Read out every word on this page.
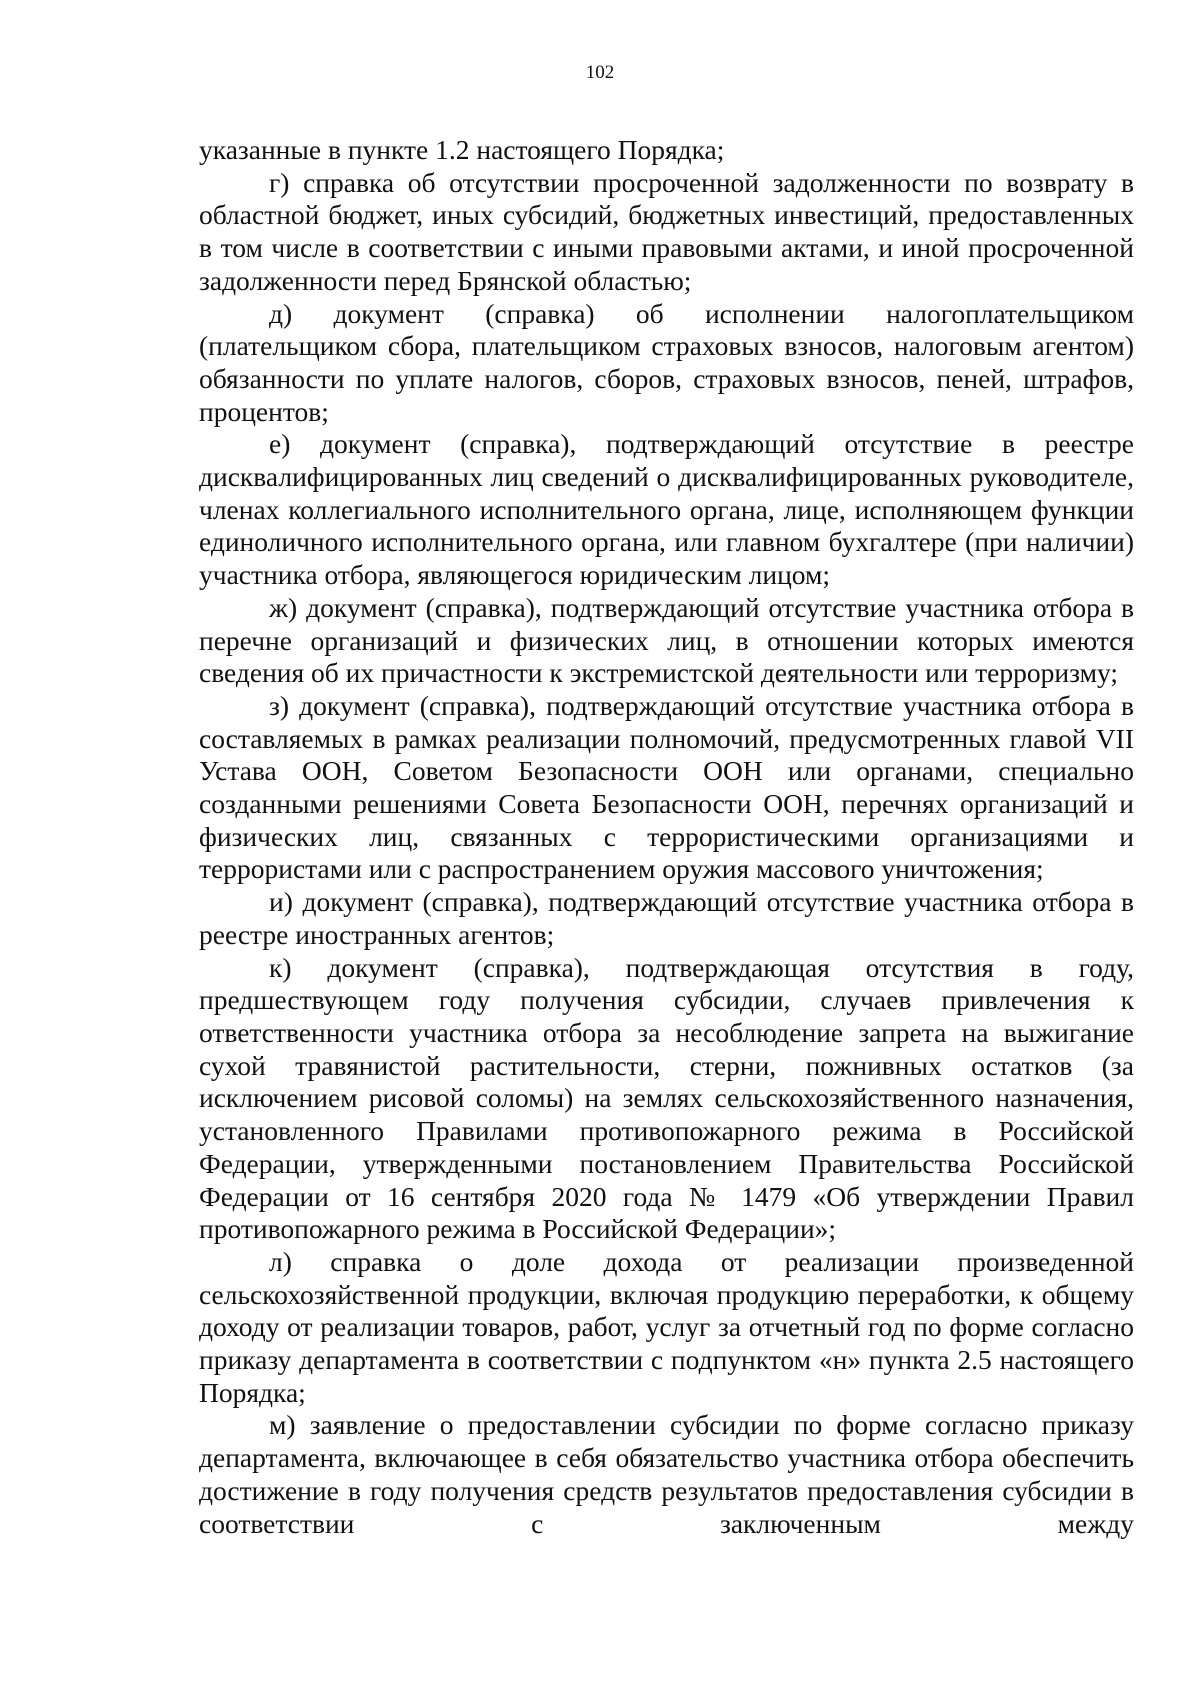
102

указанные в пункте 1.2 настоящего Порядка;

г) справка об отсутствии просроченной задолженности по возврату в областной бюджет, иных субсидий, бюджетных инвестиций, предоставленных в том числе в соответствии с иными правовыми актами, и иной просроченной задолженности перед Брянской областью;

д) документ (справка) об исполнении налогоплательщиком (плательщиком сбора, плательщиком страховых взносов, налоговым агентом) обязанности по уплате налогов, сборов, страховых взносов, пеней, штрафов, процентов;

е) документ (справка), подтверждающий отсутствие в реестре дисквалифицированных лиц сведений о дисквалифицированных руководителе, членах коллегиального исполнительного органа, лице, исполняющем функции единоличного исполнительного органа, или главном бухгалтере (при наличии) участника отбора, являющегося юридическим лицом;

ж) документ (справка), подтверждающий отсутствие участника отбора в перечне организаций и физических лиц, в отношении которых имеются сведения об их причастности к экстремистской деятельности или терроризму;

з) документ (справка), подтверждающий отсутствие участника отбора в составляемых в рамках реализации полномочий, предусмотренных главой VII Устава ООН, Советом Безопасности ООН или органами, специально созданными решениями Совета Безопасности ООН, перечнях организаций и физических лиц, связанных с террористическими организациями и террористами или с распространением оружия массового уничтожения;

и) документ (справка), подтверждающий отсутствие участника отбора в реестре иностранных агентов;

к) документ (справка), подтверждающая отсутствия в году, предшествующем году получения субсидии, случаев привлечения к ответственности участника отбора за несоблюдение запрета на выжигание сухой травянистой растительности, стерни, пожнивных остатков (за исключением рисовой соломы) на землях сельскохозяйственного назначения, установленного Правилами противопожарного режима в Российской Федерации, утвержденными постановлением Правительства Российской Федерации от 16 сентября 2020 года № 1479 «Об утверждении Правил противопожарного режима в Российской Федерации»;

л) справка о доле дохода от реализации произведенной сельскохозяйственной продукции, включая продукцию переработки, к общему доходу от реализации товаров, работ, услуг за отчетный год по форме согласно приказу департамента в соответствии с подпунктом «н» пункта 2.5 настоящего Порядка;

м) заявление о предоставлении субсидии по форме согласно приказу департамента, включающее в себя обязательство участника отбора обеспечить достижение в году получения средств результатов предоставления субсидии в соответствии с заключенным между
